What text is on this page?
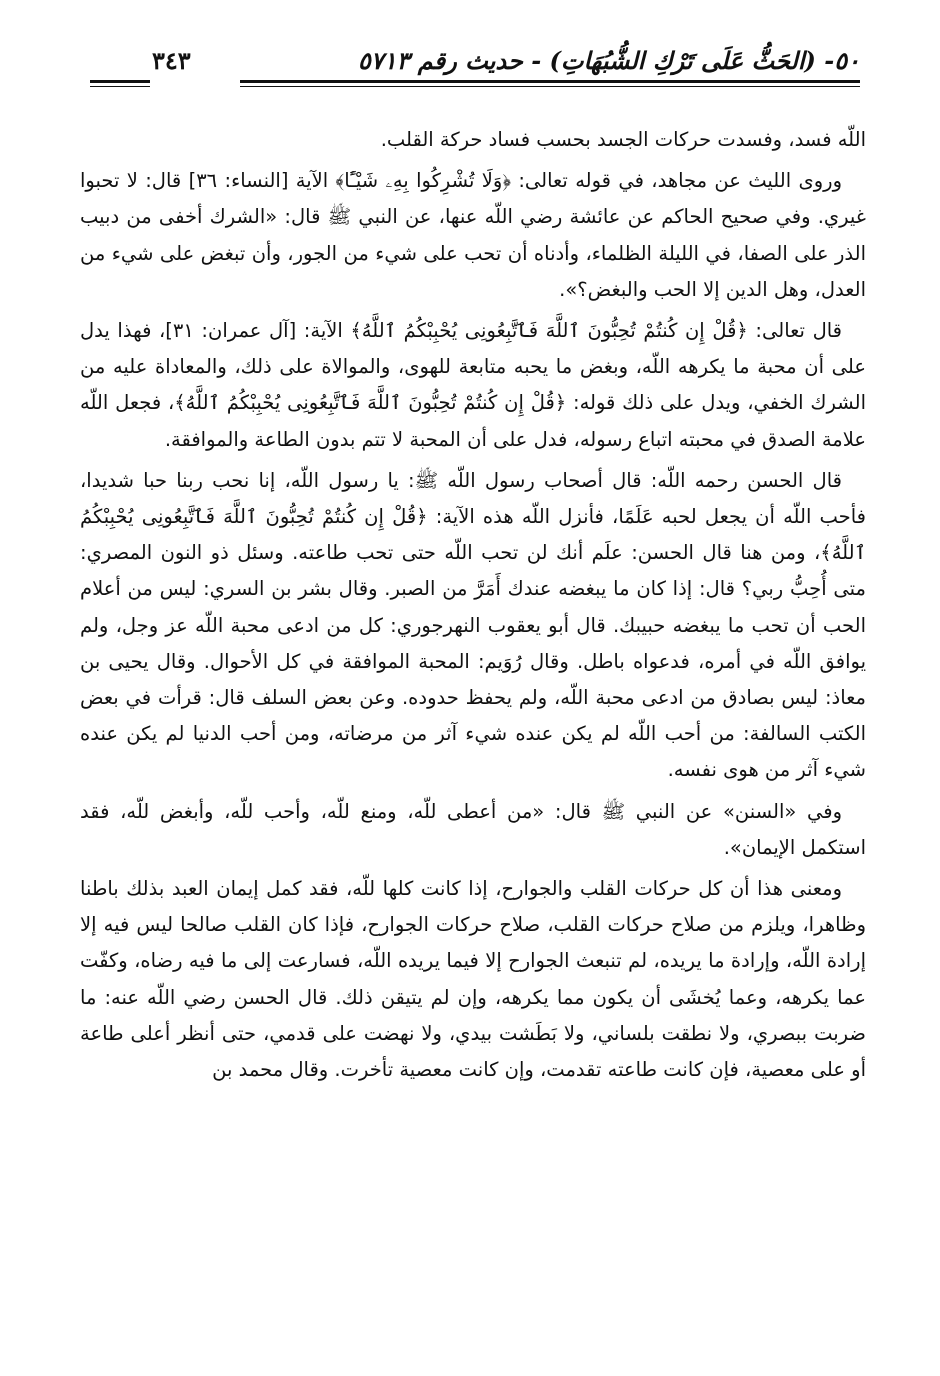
٥٠- (الحَثُّ عَلَى تَرْكِ الشُّبُهَاتِ) - حديث رقم ٥٧١٣
٣٤٣

اللّه فسد، وفسدت حركات الجسد بحسب فساد حركة القلب.

وروى الليث عن مجاهد، في قوله تعالى: ﴿وَلَا تُشْرِكُوا بِهِۦ شَيْـًٔا﴾ الآية [النساء: ٣٦] قال: لا تحبوا غيري. وفي صحيح الحاكم عن عائشة رضي اللّه عنها، عن النبي ﷺ قال: «الشرك أخفى من دبيب الذر على الصفا، في الليلة الظلماء، وأدناه أن تحب على شيء من الجور، وأن تبغض على شيء من العدل، وهل الدين إلا الحب والبغض؟».

قال تعالى: ﴿قُلْ إِن كُنتُمْ تُحِبُّونَ ٱللَّهَ فَٱتَّبِعُونِى يُحْبِبْكُمُ ٱللَّهُ﴾ الآية: [آل عمران: ٣١]، فهذا يدل على أن محبة ما يكرهه اللّه، وبغض ما يحبه متابعة للهوى، والموالاة على ذلك، والمعاداة عليه من الشرك الخفي، ويدل على ذلك قوله: ﴿قُلْ إِن كُنتُمْ تُحِبُّونَ ٱللَّهَ فَٱتَّبِعُونِى يُحْبِبْكُمُ ٱللَّهُ﴾، فجعل اللّه علامة الصدق في محبته اتباع رسوله، فدل على أن المحبة لا تتم بدون الطاعة والموافقة.

قال الحسن رحمه اللّه: قال أصحاب رسول اللّه ﷺ: يا رسول اللّه، إنا نحب ربنا حبا شديدا، فأحب اللّه أن يجعل لحبه عَلَمًا، فأنزل اللّه هذه الآية: ﴿قُلْ إِن كُنتُمْ تُحِبُّونَ ٱللَّهَ فَٱتَّبِعُونِى يُحْبِبْكُمُ ٱللَّهُ﴾، ومن هنا قال الحسن: علَم أنك لن تحب اللّه حتى تحب طاعته. وسئل ذو النون المصري: متى أُحِبُّ ربي؟ قال: إذا كان ما يبغضه عندك أَمَرَّ من الصبر. وقال بشر بن السري: ليس من أعلام الحب أن تحب ما يبغضه حبيبك. قال أبو يعقوب النهرجوري: كل من ادعى محبة اللّه عز وجل، ولم يوافق اللّه في أمره، فدعواه باطل. وقال رُوَيم: المحبة الموافقة في كل الأحوال. وقال يحيى بن معاذ: ليس بصادق من ادعى محبة اللّه، ولم يحفظ حدوده. وعن بعض السلف قال: قرأت في بعض الكتب السالفة: من أحب اللّه لم يكن عنده شيء آثر من مرضاته، ومن أحب الدنيا لم يكن عنده شيء آثر من هوى نفسه.

وفي «السنن» عن النبي ﷺ قال: «من أعطى للّه، ومنع للّه، وأحب للّه، وأبغض للّه، فقد استكمل الإيمان».

ومعنى هذا أن كل حركات القلب والجوارح، إذا كانت كلها للّه، فقد كمل إيمان العبد بذلك باطنا وظاهرا، ويلزم من صلاح حركات القلب، صلاح حركات الجوارح، فإذا كان القلب صالحا ليس فيه إلا إرادة اللّه، وإرادة ما يريده، لم تنبعث الجوارح إلا فيما يريده اللّه، فسارعت إلى ما فيه رضاه، وكفّت عما يكرهه، وعما يُخشَى أن يكون مما يكرهه، وإن لم يتيقن ذلك. قال الحسن رضي اللّه عنه: ما ضربت ببصري، ولا نطقت بلساني، ولا بَطَشت بيدي، ولا نهضت على قدمي، حتى أنظر أعلى طاعة أو على معصية، فإن كانت طاعته تقدمت، وإن كانت معصية تأخرت. وقال محمد بن
